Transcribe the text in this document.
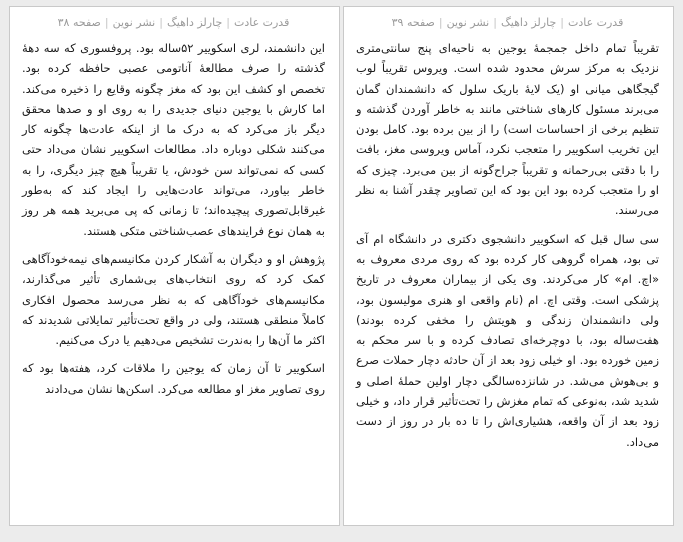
قدرت عادت|چارلز داهیگ|نشر نوین|صفحه ۳۹

تقریباً تمام داخل جمجمهٔ یوجین به ناحیه‌ای پنج سانتی‌متری نزدیک به مرکز سرش محدود شده است. ویروس تقریباً لوب گیجگاهی میانی او (یک لایهٔ باریک سلول که دانشمندان گمان می‌برند مسئول کارهای شناختی مانند به خاطر آوردن گذشته و تنظیم برخی از احساسات است) را از بین برده بود. کامل بودن این تخریب اسکوییر را متعجب نکرد، آماس ویروسی مغز، بافت را با دقتی بی‌رحمانه و تقریباً جراح‌گونه از بین می‌برد. چیزی که او را متعجب کرده بود این بود که این تصاویر چقدر آشنا به نظر می‌رسند.

سی سال قبل که اسکوییر دانشجوی دکتری در دانشگاه ام آی تی بود، همراه گروهی کار کرده بود که روی مردی معروف به «اچ. ام» کار می‌کردند. وی یکی از بیماران معروف در تاریخ پزشکی است. وقتی اچ. ام (نام واقعی او هنری مولیسون بود، ولی دانشمندان زندگی و هویتش را مخفی کرده بودند) هفت‌ساله بود، با دوچرخه‌ای تصادف کرده و با سر محکم به زمین خورده بود. او خیلی زود بعد از آن حادثه دچار حملات صرع و بی‌هوش می‌شد. در شانزده‌سالگی دچار اولین حملهٔ اصلی و شدید شد، به‌نوعی که تمام مغزش را تحت‌تأثیر قرار داد، و خیلی زود بعد از آن واقعه، هشیاری‌اش را تا ده بار در روز از دست می‌داد.

قدرت عادت|چارلز داهیگ|نشر نوین|صفحه ۳۸

این دانشمند، لری اسکوییر ۵۲ساله بود. پروفسوری که سه دههٔ گذشته را صرف مطالعهٔ آناتومی عصبی حافظه کرده بود. تخصص او کشف این بود که مغز چگونه وقایع را ذخیره می‌کند. اما کارش با یوجین دنیای جدیدی را به روی او و صدها محقق دیگر باز می‌کرد که به درک ما از اینکه عادت‌ها چگونه کار می‌کنند شکلی دوباره داد. مطالعات اسکوییر نشان می‌داد حتی کسی که نمی‌تواند سن خودش، یا تقریباً هیچ چیز دیگری، را به خاطر بیاورد، می‌تواند عادت‌هایی را ایجاد کند که به‌طور غیرقابل‌تصوری پیچیده‌اند؛ تا زمانی که پی می‌برید همه هر روز به همان نوع فرایندهای عصب‌شناختی متکی هستند.

پژوهش او و دیگران به آشکار کردن مکانیسم‌های نیمه‌خودآگاهی کمک کرد که روی انتخاب‌های بی‌شماری تأثیر می‌گذارند، مکانیسم‌های خودآگاهی که به نظر می‌رسد محصول افکاری کاملاً منطقی هستند، ولی در واقع تحت‌تأثیر تمایلاتی شدیدند که اکثر ما آن‌ها را به‌ندرت تشخیص می‌دهیم یا درک می‌کنیم.

اسکوییر تا آن زمان که یوجین را ملاقات کرد، هفته‌ها بود که روی تصاویر مغز او مطالعه می‌کرد. اسکن‌ها نشان می‌دادند
